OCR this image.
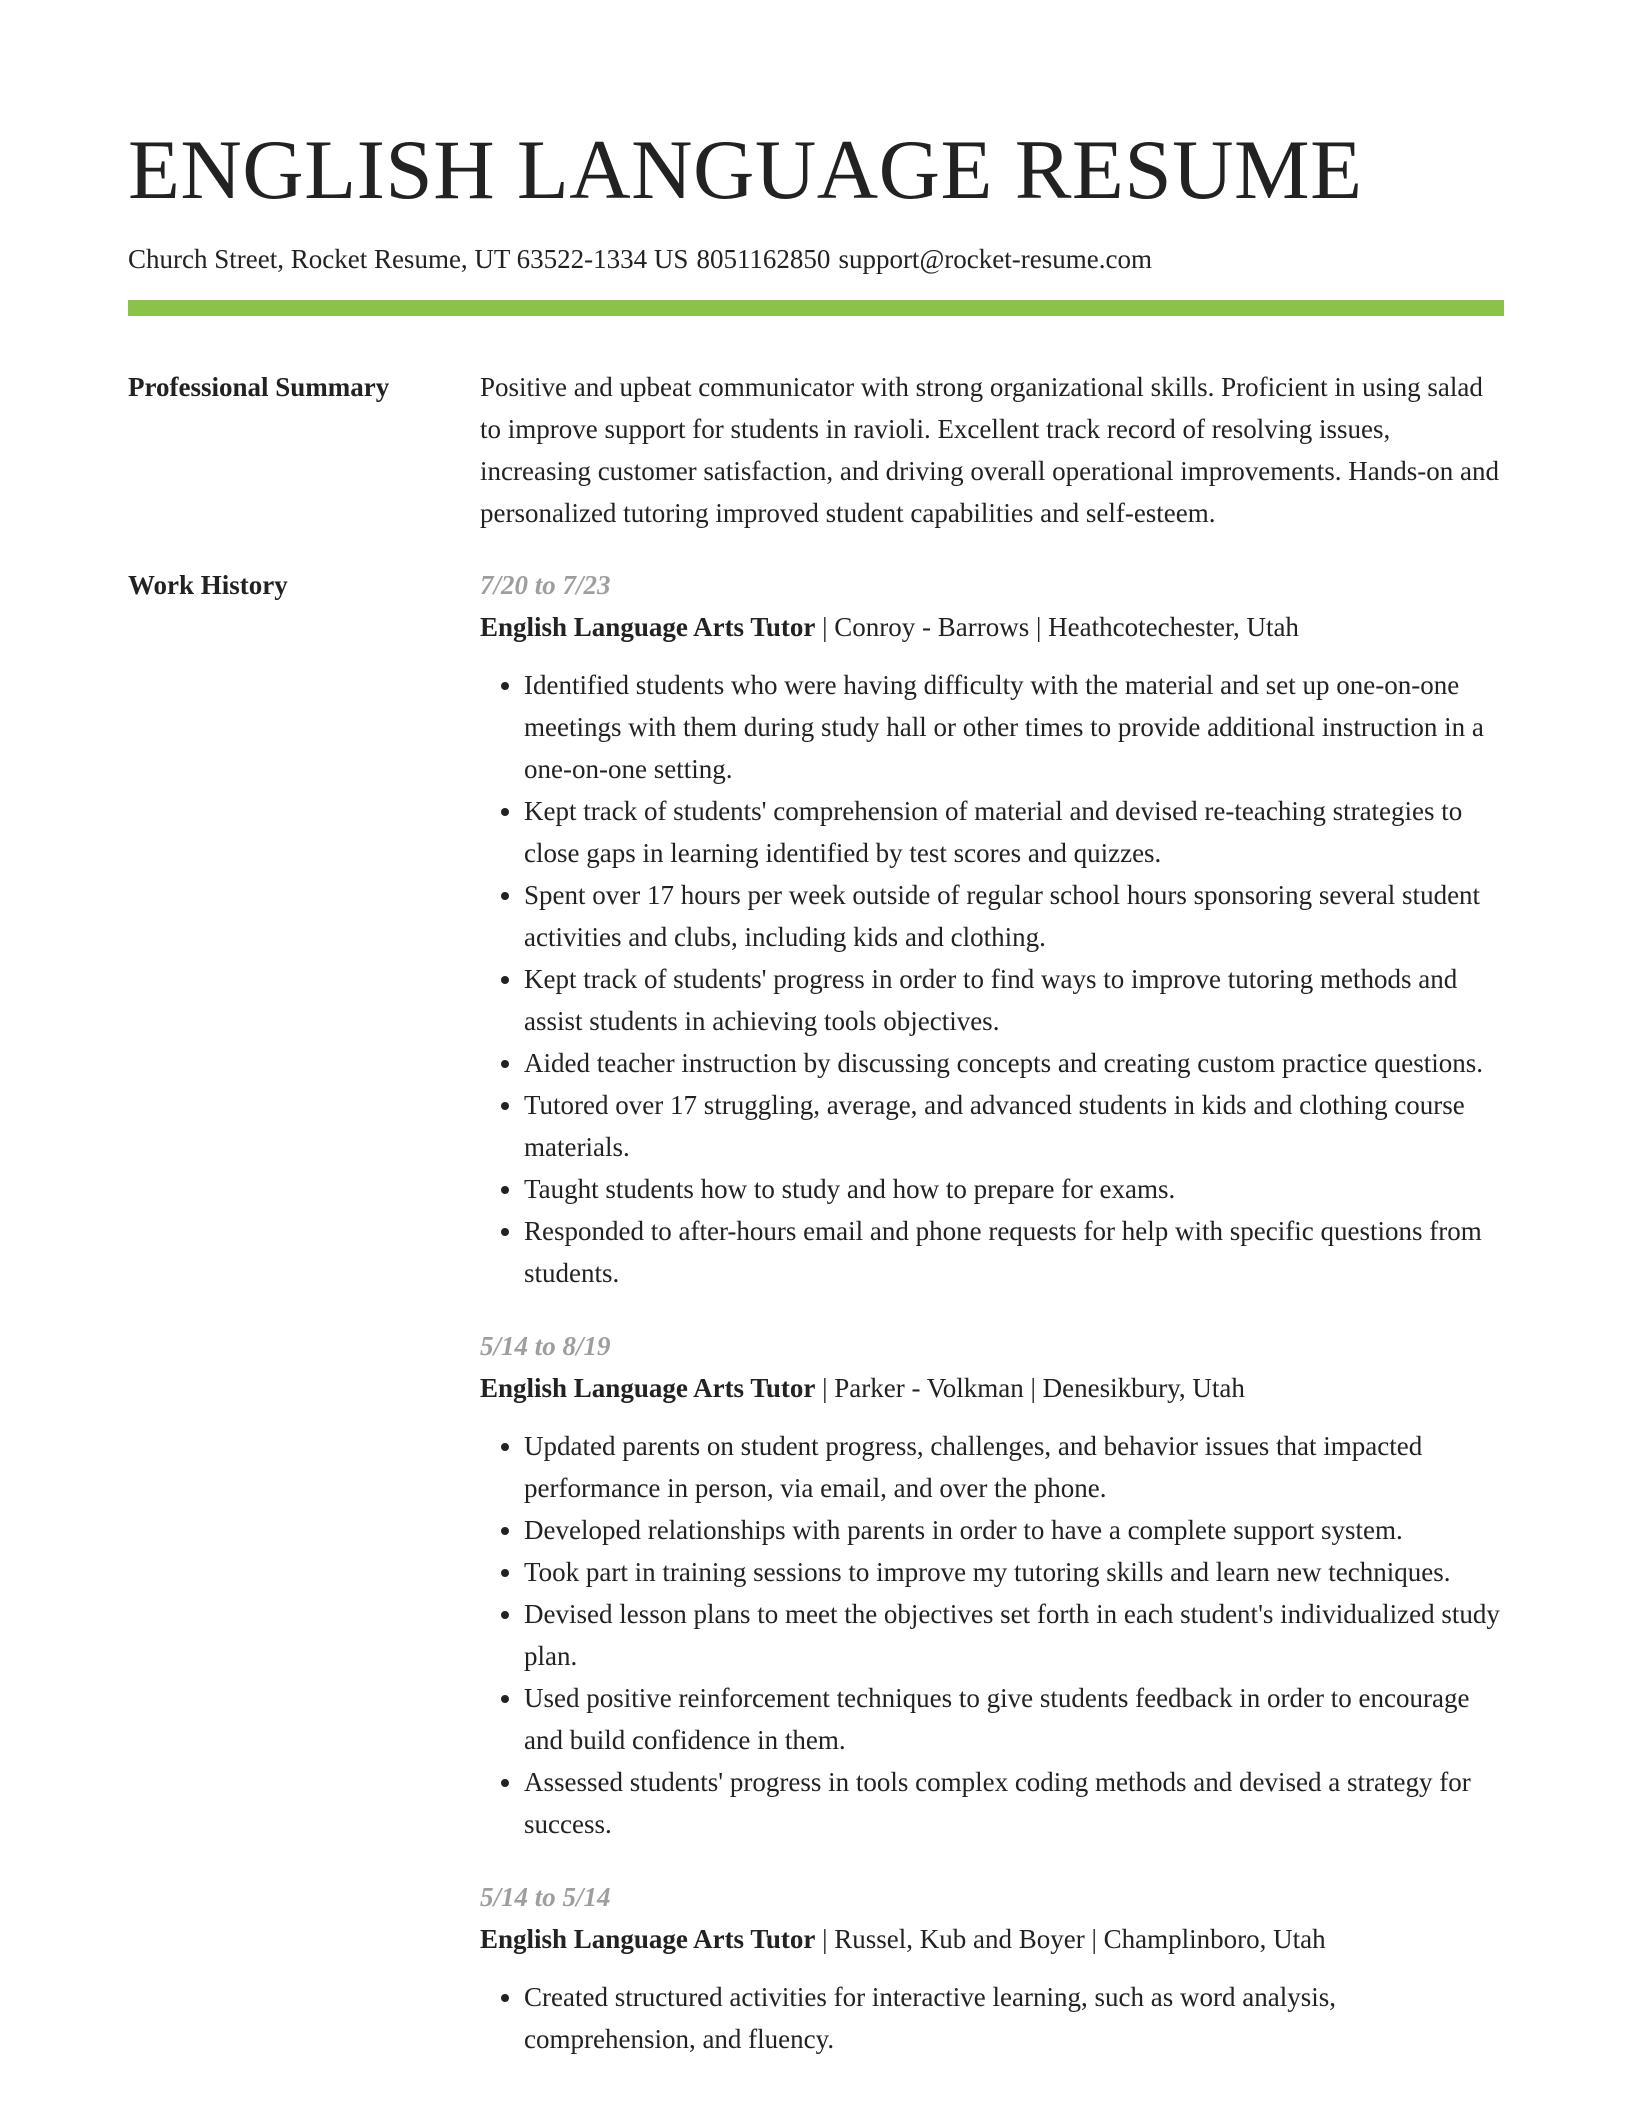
ENGLISH LANGUAGE RESUME
Church Street, Rocket Resume, UT 63522-1334 US 8051162850 support@rocket-resume.com
Professional Summary	Positive and upbeat communicator with strong organizational skills. Proficient in using salad to improve support for students in ravioli. Excellent track record of resolving issues, increasing customer satisfaction, and driving overall operational improvements. Hands-on and personalized tutoring improved student capabilities and self-esteem.

Work History	7/20 to 7/23
English Language Arts Tutor | Conroy - Barrows | Heathcotechester, Utah
• Identified students who were having difficulty with the material and set up one-on-one meetings with them during study hall or other times to provide additional instruction in a one-on-one setting.
• Kept track of students' comprehension of material and devised re-teaching strategies to close gaps in learning identified by test scores and quizzes.
• Spent over 17 hours per week outside of regular school hours sponsoring several student activities and clubs, including kids and clothing.
• Kept track of students' progress in order to find ways to improve tutoring methods and assist students in achieving tools objectives.
• Aided teacher instruction by discussing concepts and creating custom practice questions.
• Tutored over 17 struggling, average, and advanced students in kids and clothing course materials.
• Taught students how to study and how to prepare for exams.
• Responded to after-hours email and phone requests for help with specific questions from students.
5/14 to 8/19
English Language Arts Tutor | Parker - Volkman | Denesikbury, Utah
• Updated parents on student progress, challenges, and behavior issues that impacted performance in person, via email, and over the phone.
• Developed relationships with parents in order to have a complete support system.
• Took part in training sessions to improve my tutoring skills and learn new techniques.
• Devised lesson plans to meet the objectives set forth in each student's individualized study plan.
• Used positive reinforcement techniques to give students feedback in order to encourage and build confidence in them.
• Assessed students' progress in tools complex coding methods and devised a strategy for success.
5/14 to 5/14
English Language Arts Tutor | Russel, Kub and Boyer | Champlinboro, Utah
• Created structured activities for interactive learning, such as word analysis, comprehension, and fluency.
